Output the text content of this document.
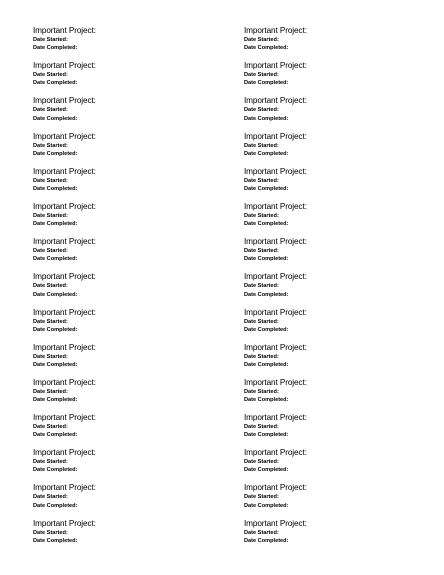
Important Project:
Date Started:
Date Completed:
Important Project:
Date Started:
Date Completed:
Important Project:
Date Started:
Date Completed:
Important Project:
Date Started:
Date Completed:
Important Project:
Date Started:
Date Completed:
Important Project:
Date Started:
Date Completed:
Important Project:
Date Started:
Date Completed:
Important Project:
Date Started:
Date Completed:
Important Project:
Date Started:
Date Completed:
Important Project:
Date Started:
Date Completed:
Important Project:
Date Started:
Date Completed:
Important Project:
Date Started:
Date Completed:
Important Project:
Date Started:
Date Completed:
Important Project:
Date Started:
Date Completed:
Important Project:
Date Started:
Date Completed:
Important Project:
Date Started:
Date Completed:
Important Project:
Date Started:
Date Completed:
Important Project:
Date Started:
Date Completed:
Important Project:
Date Started:
Date Completed:
Important Project:
Date Started:
Date Completed:
Important Project:
Date Started:
Date Completed:
Important Project:
Date Started:
Date Completed:
Important Project:
Date Started:
Date Completed:
Important Project:
Date Started:
Date Completed:
Important Project:
Date Started:
Date Completed:
Important Project:
Date Started:
Date Completed:
Important Project:
Date Started:
Date Completed:
Important Project:
Date Started:
Date Completed:
Important Project:
Date Started:
Date Completed:
Important Project:
Date Started:
Date Completed:
